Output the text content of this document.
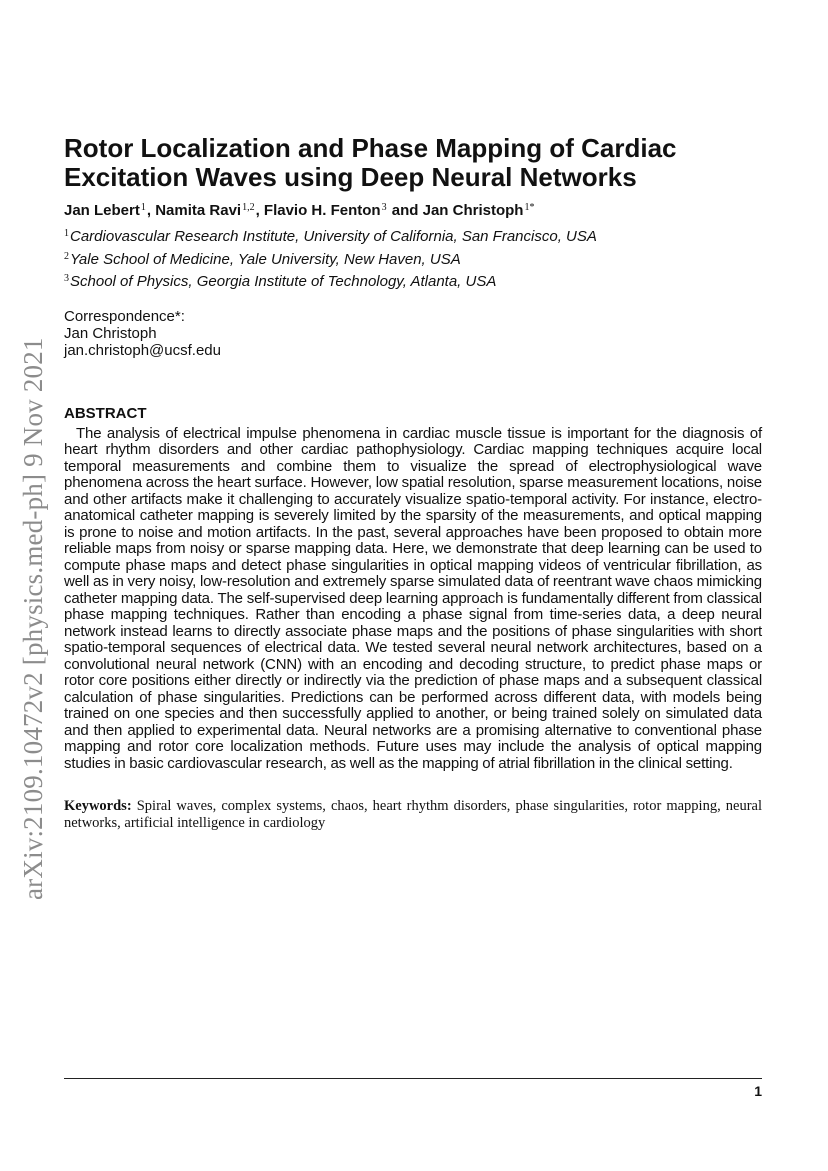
arXiv:2109.10472v2 [physics.med-ph] 9 Nov 2021
Rotor Localization and Phase Mapping of Cardiac Excitation Waves using Deep Neural Networks
Jan Lebert$^1$, Namita Ravi$^{1,2}$, Flavio H. Fenton$^3$ and Jan Christoph$^{1*}$
$^1$Cardiovascular Research Institute, University of California, San Francisco, USA
$^2$Yale School of Medicine, Yale University, New Haven, USA
$^3$School of Physics, Georgia Institute of Technology, Atlanta, USA
Correspondence*:
Jan Christoph
jan.christoph@ucsf.edu
ABSTRACT
The analysis of electrical impulse phenomena in cardiac muscle tissue is important for the diagnosis of heart rhythm disorders and other cardiac pathophysiology. Cardiac mapping techniques acquire local temporal measurements and combine them to visualize the spread of electrophysiological wave phenomena across the heart surface. However, low spatial resolution, sparse measurement locations, noise and other artifacts make it challenging to accurately visualize spatio-temporal activity. For instance, electro-anatomical catheter mapping is severely limited by the sparsity of the measurements, and optical mapping is prone to noise and motion artifacts. In the past, several approaches have been proposed to obtain more reliable maps from noisy or sparse mapping data. Here, we demonstrate that deep learning can be used to compute phase maps and detect phase singularities in optical mapping videos of ventricular fibrillation, as well as in very noisy, low-resolution and extremely sparse simulated data of reentrant wave chaos mimicking catheter mapping data. The self-supervised deep learning approach is fundamentally different from classical phase mapping techniques. Rather than encoding a phase signal from time-series data, a deep neural network instead learns to directly associate phase maps and the positions of phase singularities with short spatio-temporal sequences of electrical data. We tested several neural network architectures, based on a convolutional neural network (CNN) with an encoding and decoding structure, to predict phase maps or rotor core positions either directly or indirectly via the prediction of phase maps and a subsequent classical calculation of phase singularities. Predictions can be performed across different data, with models being trained on one species and then successfully applied to another, or being trained solely on simulated data and then applied to experimental data. Neural networks are a promising alternative to conventional phase mapping and rotor core localization methods. Future uses may include the analysis of optical mapping studies in basic cardiovascular research, as well as the mapping of atrial fibrillation in the clinical setting.
Keywords: Spiral waves, complex systems, chaos, heart rhythm disorders, phase singularities, rotor mapping, neural networks, artificial intelligence in cardiology
1
